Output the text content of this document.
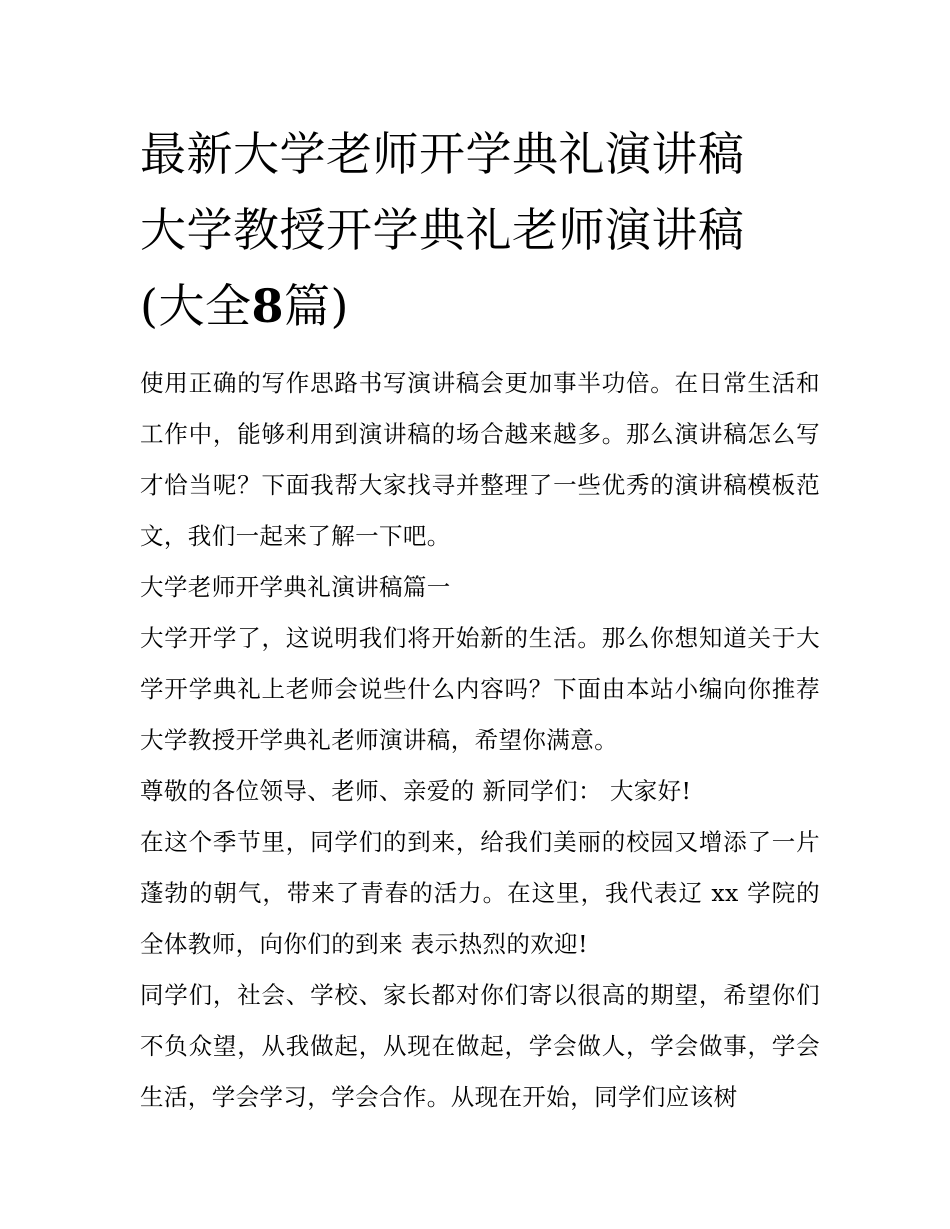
最新大学老师开学典礼演讲稿
大学教授开学典礼老师演讲稿
(大全8篇)

使用正确的写作思路书写演讲稿会更加事半功倍。在日常生活和工作中，能够利用到演讲稿的场合越来越多。那么演讲稿怎么写才恰当呢？下面我帮大家找寻并整理了一些优秀的演讲稿模板范文，我们一起来了解一下吧。

大学老师开学典礼演讲稿篇一

大学开学了，这说明我们将开始新的生活。那么你想知道关于大学开学典礼上老师会说些什么内容吗？下面由本站小编向你推荐大学教授开学典礼老师演讲稿，希望你满意。

尊敬的各位领导、老师、亲爱的 新同学们： 大家好!

在这个季节里，同学们的到来，给我们美丽的校园又增添了一片蓬勃的朝气，带来了青春的活力。在这里，我代表辽 xx 学院的全体教师，向你们的到来 表示热烈的欢迎!

同学们，社会、学校、家长都对你们寄以很高的期望，希望你们不负众望，从我做起，从现在做起，学会做人，学会做事，学会生活，学会学习，学会合作。从现在开始，同学们应该树
